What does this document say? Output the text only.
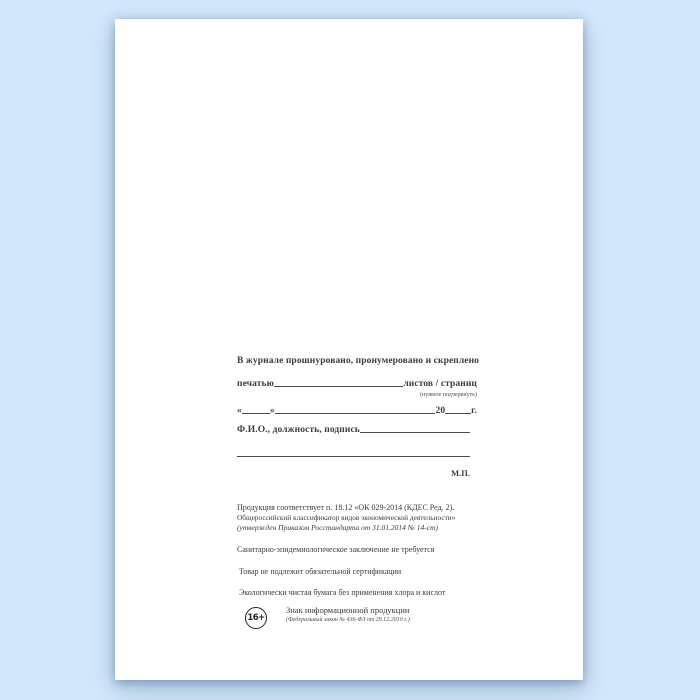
В журнале прошнуровано, пронумеровано и скреплено
печатью	листов / страниц
(нужное подчеркнуть)
«	»	20	г.
Ф.И.О., должность, подпись
М.П.
Продукция соответствует п. 18.12 «ОК 029-2014 (КДЕС Ред. 2).
Общероссийский классификатор видов экономической деятельности»
(утвержден Приказом Росстандарта от 31.01.2014 № 14-ст)
Санитарно-эпидемиологическое заключение не требуется
Товар не подлежит обязательной сертификации
Экологически чистая бумага без применения хлора и кислот
16+
Знак информационной продукции
(Федеральный закон № 436-ФЗ от 29.12.2010 г.)
